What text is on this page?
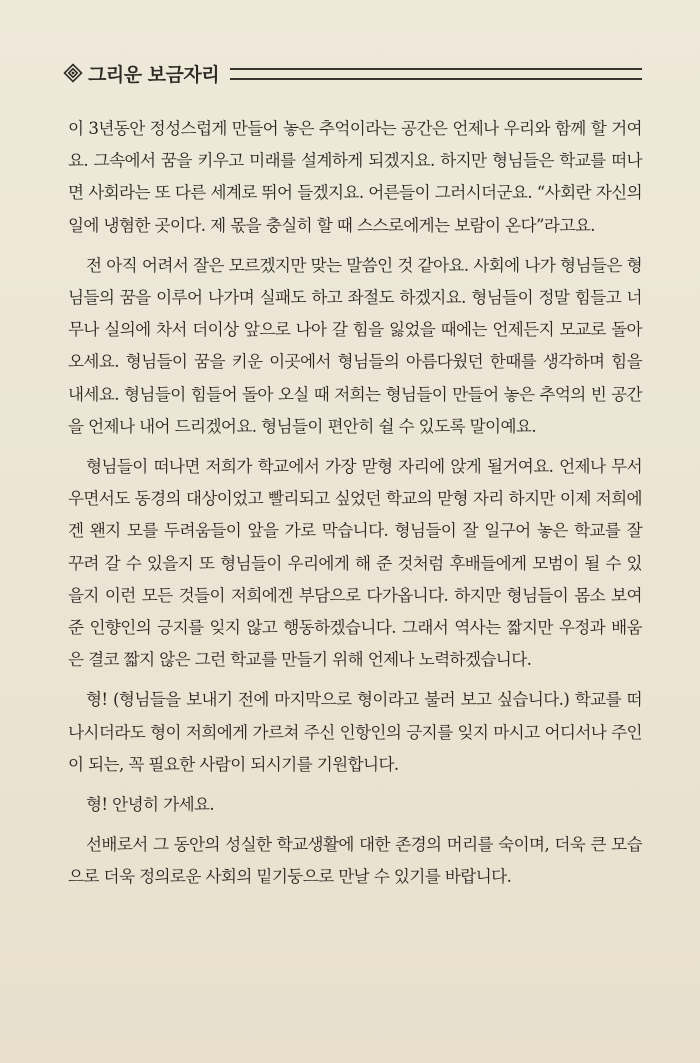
그리운 보금자리

이 3년동안 정성스럽게 만들어 놓은 추억이라는 공간은 언제나 우리와 함께 할 거여요. 그속에서 꿈을 키우고 미래를 설계하게 되겠지요. 하지만 형님들은 학교를 떠나면 사회라는 또 다른 세계로 뛰어 들겠지요. 어른들이 그러시더군요. “사회란 자신의 일에 냉혐한 곳이다. 제 몫을 충실히 할 때 스스로에게는 보람이 온다”라고요.

전 아직 어려서 잘은 모르겠지만 맞는 말씀인 것 같아요. 사회에 나가 형님들은 형님들의 꿈을 이루어 나가며 실패도 하고 좌절도 하겠지요. 형님들이 정말 힘들고 너무나 실의에 차서 더이상 앞으로 나아 갈 힘을 잃었을 때에는 언제든지 모교로 돌아 오세요. 형님들이 꿈을 키운 이곳에서 형님들의 아름다웠던 한때를 생각하며 힘을 내세요. 형님들이 힘들어 돌아 오실 때 저희는 형님들이 만들어 놓은 추억의 빈 공간을 언제나 내어 드리겠어요. 형님들이 편안히 쉴 수 있도록 말이예요.

형님들이 떠나면 저희가 학교에서 가장 맏형 자리에 앉게 될거여요. 언제나 무서우면서도 동경의 대상이었고 빨리되고 싶었던 학교의 맏형 자리 하지만 이제 저희에겐 왠지 모를 두려움들이 앞을 가로 막습니다. 형님들이 잘 일구어 놓은 학교를 잘 꾸려 갈 수 있을지 또 형님들이 우리에게 해 준 것처럼 후배들에게 모범이 될 수 있을지 이런 모든 것들이 저희에겐 부담으로 다가옵니다. 하지만 형님들이 몸소 보여준 인향인의 긍지를 잊지 않고 행동하겠습니다. 그래서 역사는 짧지만 우정과 배움은 결코 짧지 않은 그런 학교를 만들기 위해 언제나 노력하겠습니다.

형! (형님들을 보내기 전에 마지막으로 형이라고 불러 보고 싶습니다.) 학교를 떠나시더라도 형이 저희에게 가르쳐 주신 인항인의 긍지를 잊지 마시고 어디서나 주인이 되는, 꼭 필요한 사람이 되시기를 기원합니다.

형! 안녕히 가세요.

선배로서 그 동안의 성실한 학교생활에 대한 존경의 머리를 숙이며, 더욱 큰 모습으로 더욱 정의로운 사회의 밑기둥으로 만날 수 있기를 바랍니다.
